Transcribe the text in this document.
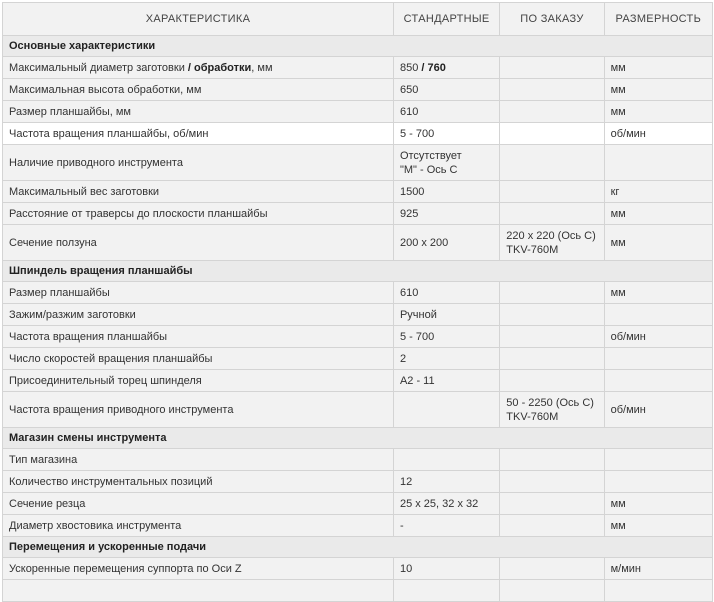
ХАРАКТЕРИСТИКА	СТАНДАРТНЫЕ	ПО ЗАКАЗУ	РАЗМЕРНОСТЬ
Основные характеристики			
Максимальный диаметр заготовки / обработки, мм	850 / 760		мм
Максимальная высота обработки, мм	650		мм
Размер планшайбы, мм	610		мм
Частота вращения планшайбы, об/мин	5 - 700		об/мин
Наличие приводного инструмента	Отсутствует
"M" - Ось С		

Максимальный вес заготовки	1500		кг
Расстояние от траверсы до плоскости планшайбы	925		мм
Сечение ползуна	200 x 200	220 x 220 (Ось С)
TKV-760M	мм
Шпиндель вращения планшайбы			
Размер планшайбы	610		мм
Зажим/разжим заготовки	Ручной		
Частота вращения планшайбы	5 - 700		об/мин
Число скоростей вращения планшайбы	2		
Присоединительный торец шпинделя	A2 - 11		
Частота вращения приводного инструмента		50 - 2250 (Ось С)
TKV-760M	об/мин
Магазин смены инструмента			
Тип магазина			
Количество инструментальных позиций	12		
Сечение резца	25 x 25, 32 x 32		мм
Диаметр хвостовика инструмента	-		мм
Перемещения и ускоренные подачи			
Ускоренные перемещения суппорта по Оси Z	10		м/мин
